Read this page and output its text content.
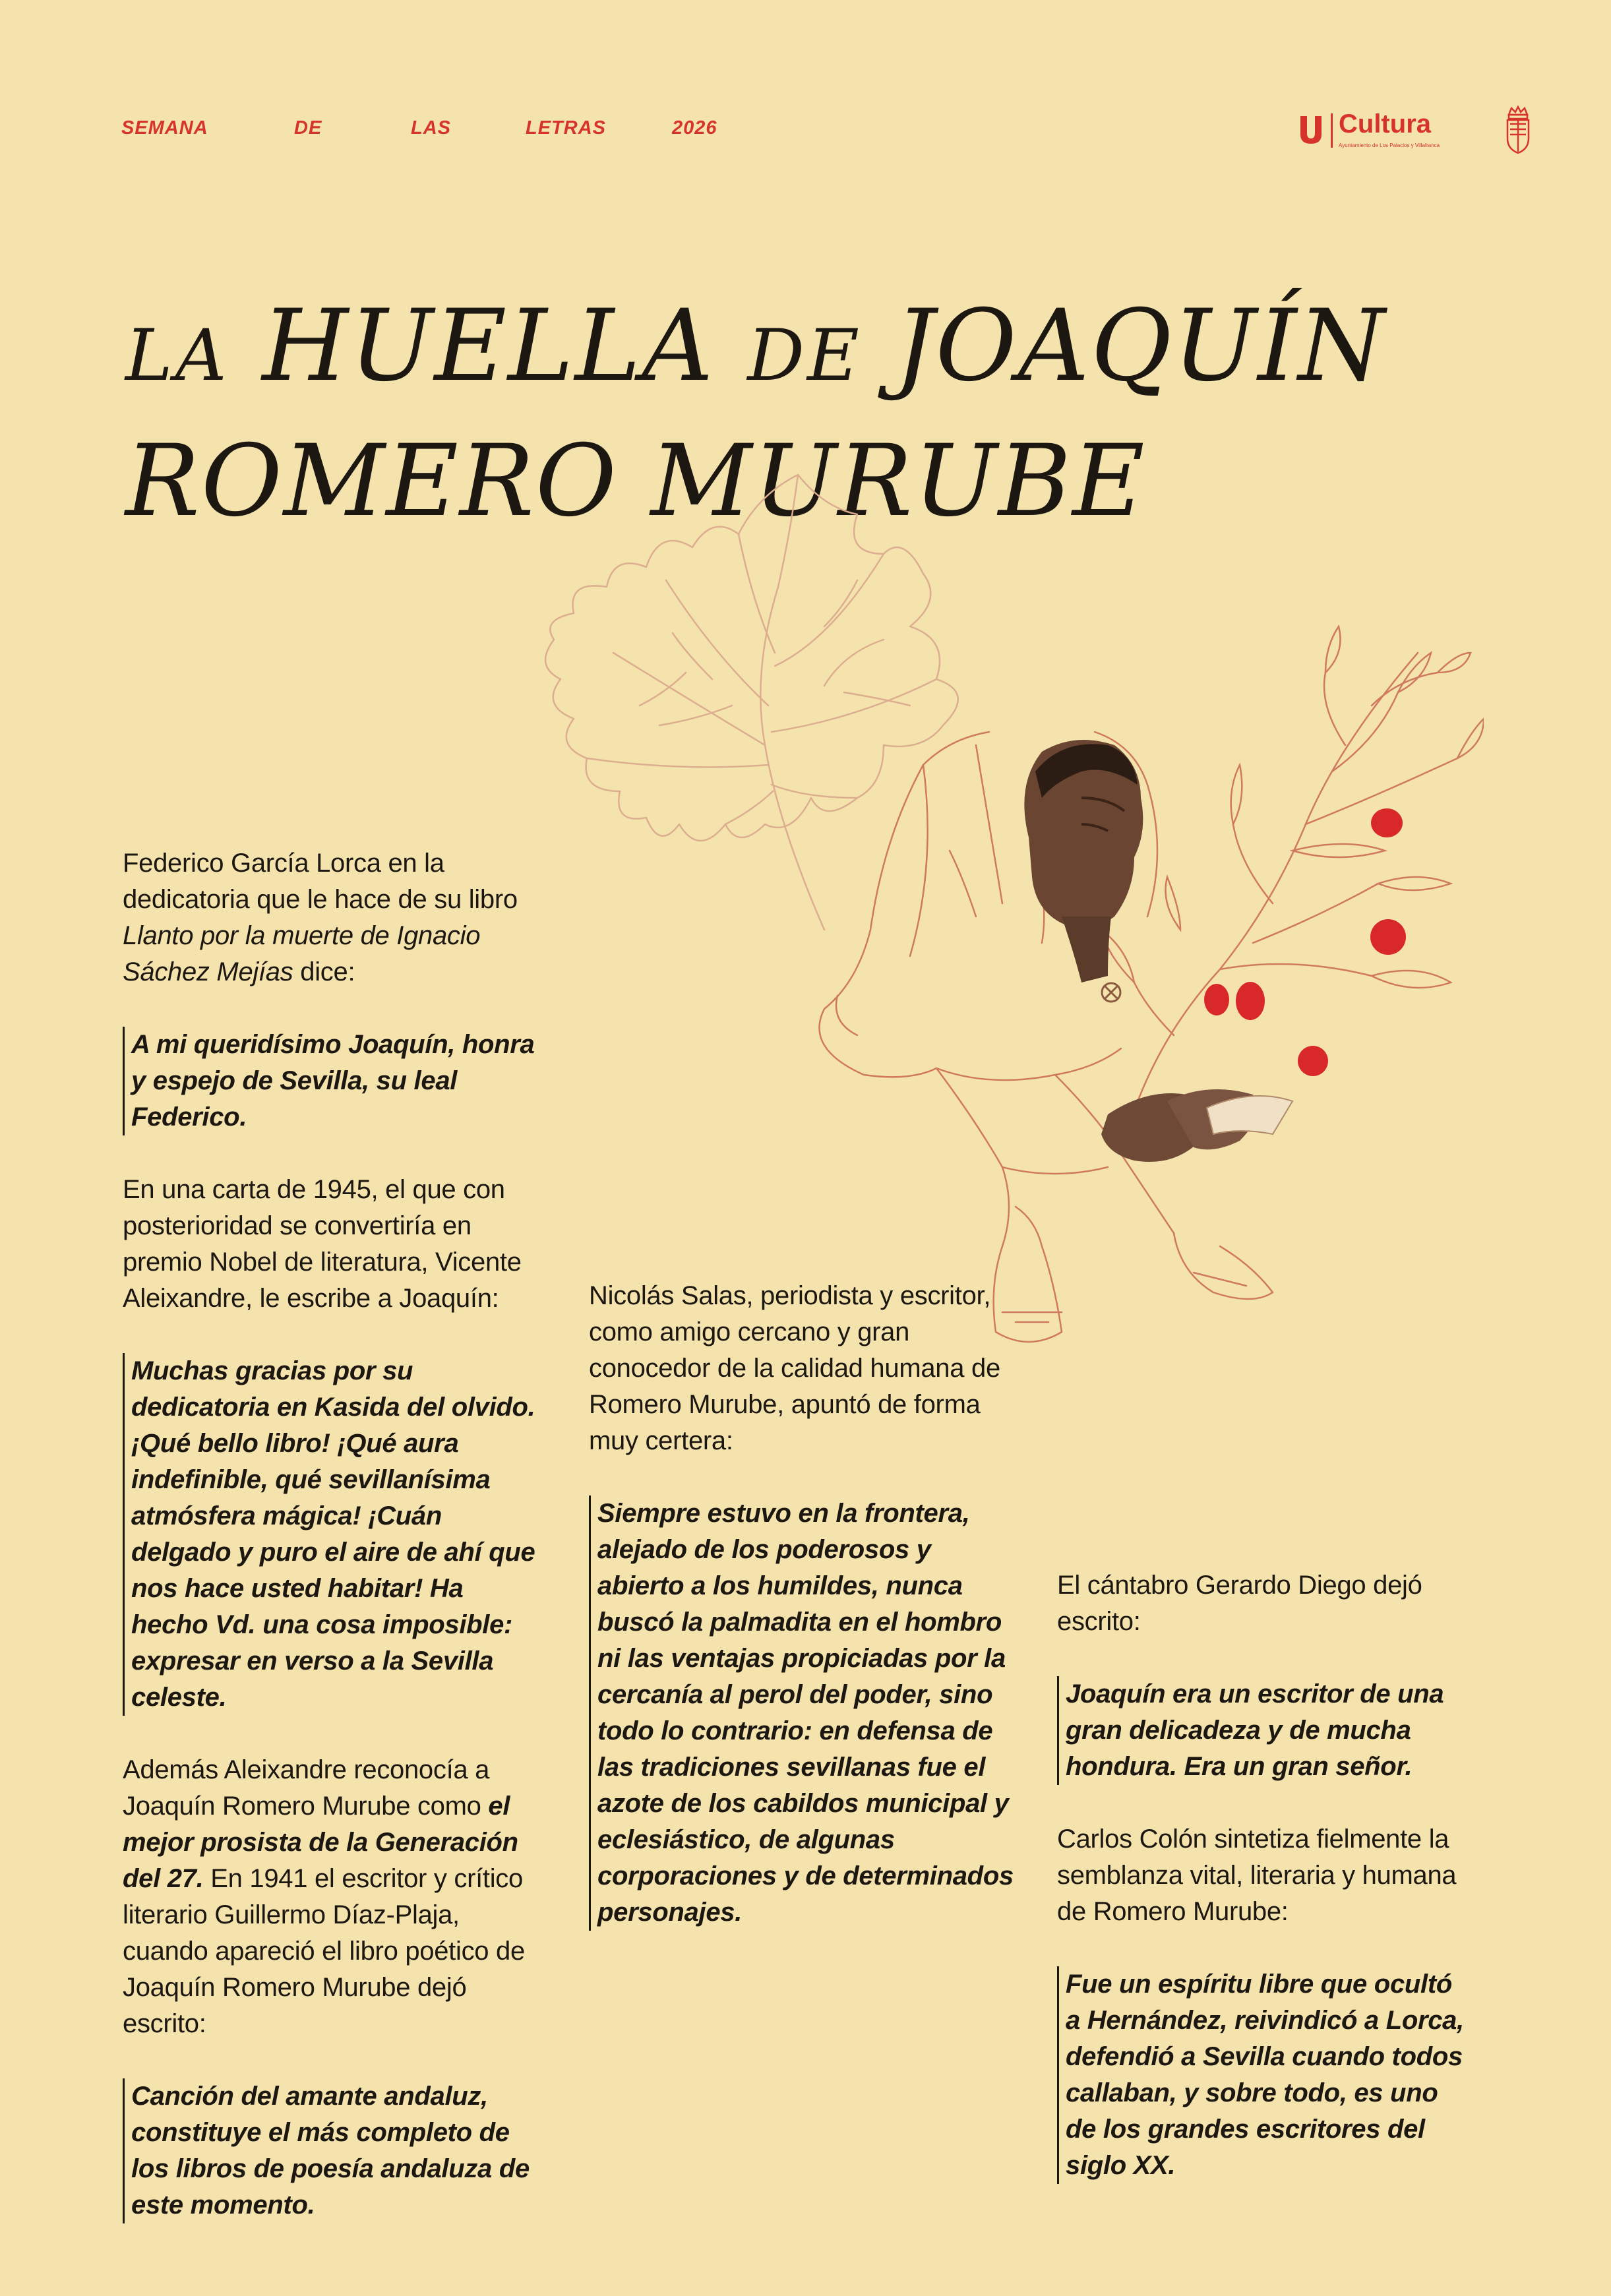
SEMANA	DE	LAS	LETRAS	2026	Cultura
Ayuntamiento de Los Palacios y Villafranca
LA HUELLA DE JOAQUÍN
ROMERO MURUBE

Federico García Lorca en la dedicatoria que le hace de su libro Llanto por la muerte de Ignacio Sáchez Mejías dice:

A mi queridísimo Joaquín, honra y espejo de Sevilla, su leal Federico.

En una carta de 1945, el que con posterioridad se convertiría en premio Nobel de literatura, Vicente Aleixandre, le escribe a Joaquín:

Muchas gracias por su dedicatoria en Kasida del olvido. ¡Qué bello libro! ¡Qué aura indefinible, qué sevillanísima atmósfera mágica! ¡Cuán delgado y puro el aire de ahí que nos hace usted habitar! Ha hecho Vd. una cosa imposible: expresar en verso a la Sevilla celeste.

Además Aleixandre reconocía a Joaquín Romero Murube como el mejor prosista de la Generación del 27. En 1941 el escritor y crítico literario Guillermo Díaz-Plaja, cuando apareció el libro poético de Joaquín Romero Murube dejó escrito:

Canción del amante andaluz, constituye el más completo de los libros de poesía andaluza de este momento.

Nicolás Salas, periodista y escritor, como amigo cercano y gran conocedor de la calidad humana de Romero Murube, apuntó de forma muy certera:

Siempre estuvo en la frontera, alejado de los poderosos y abierto a los humildes, nunca buscó la palmadita en el hombro ni las ventajas propiciadas por la cercanía al perol del poder, sino todo lo contrario: en defensa de las tradiciones sevillanas fue el azote de los cabildos municipal y eclesiástico, de algunas corporaciones y de determinados personajes.

El cántabro Gerardo Diego dejó escrito:

Joaquín era un escritor de una gran delicadeza y de mucha hondura. Era un gran señor.

Carlos Colón sintetiza fielmente la semblanza vital, literaria y humana de Romero Murube:

Fue un espíritu libre que ocultó a Hernández, reivindicó a Lorca, defendió a Sevilla cuando todos callaban, y sobre todo, es uno de los grandes escritores del siglo XX.
